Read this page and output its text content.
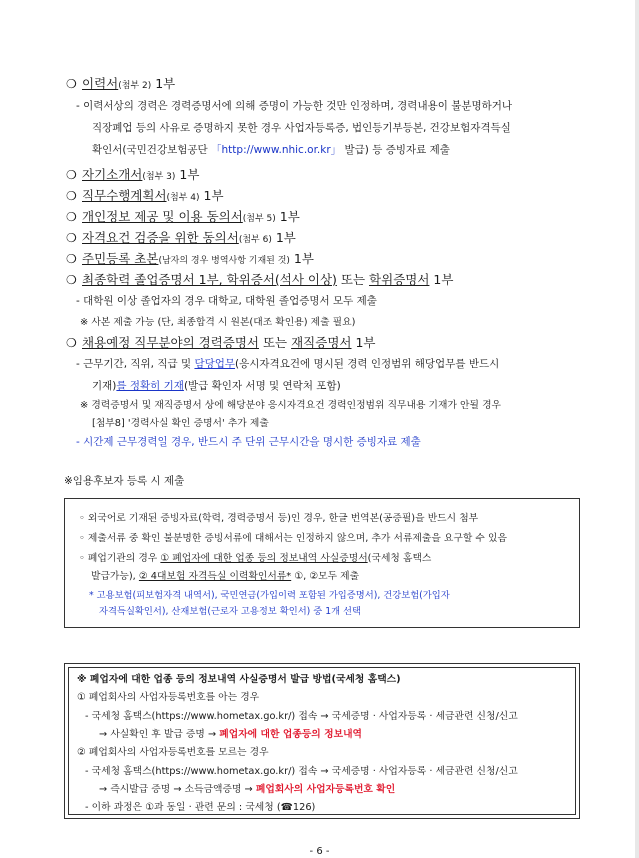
❍ 이력서(첨부 2) 1부
- 이력서상의 경력은 경력증명서에 의해 증명이 가능한 것만 인정하며, 경력내용이 불분명하거나
직장폐업 등의 사유로 증명하지 못한 경우 사업자등록증, 법인등기부등본, 건강보험자격득실
확인서(국민건강보험공단 「http://www.nhic.or.kr」 발급) 등 증빙자료 제출
❍ 자기소개서(첨부 3) 1부
❍ 직무수행계획서(첨부 4) 1부
❍ 개인정보 제공 및 이용 동의서(첨부 5) 1부
❍ 자격요건 검증을 위한 동의서(첨부 6) 1부
❍ 주민등록 초본(남자의 경우 병역사항 기재된 것) 1부
❍ 최종학력 졸업증명서 1부, 학위증서(석사 이상) 또는 학위증명서 1부
- 대학원 이상 졸업자의 경우 대학교, 대학원 졸업증명서 모두 제출
※ 사본 제출 가능 (단, 최종합격 시 원본(대조 확인용) 제출 필요)
❍ 채용예정 직무분야의 경력증명서 또는 재직증명서 1부
- 근무기간, 직위, 직급 및 담당업무(응시자격요건에 명시된 경력 인정범위 해당업무를 반드시
기재)를 정확히 기재(발급 확인자 서명 및 연락처 포함)
※ 경력증명서 및 재직증명서 상에 해당분야 응시자격요건 경력인정범위 직무내용 기재가 안될 경우
[첨부8] '경력사실 확인 증명서' 추가 제출
- 시간제 근무경력일 경우, 반드시 주 단위 근무시간을 명시한 증빙자료 제출
※임용후보자 등록 시 제출
◦ 외국어로 기재된 증빙자료(학력, 경력증명서 등)인 경우, 한글 번역본(공증필)을 반드시 첨부
◦ 제출서류 중 확인 불분명한 증빙서류에 대해서는 인정하지 않으며, 추가 서류제출을 요구할 수 있음
◦ 폐업기관의 경우 ① 폐업자에 대한 업종 등의 정보내역 사실증명서(국세청 홈택스
발급가능), ② 4대보험 자격득실 이력확인서류* ①, ②모두 제출
* 고용보험(피보험자격 내역서), 국민연금(가입이력 포함된 가입증명서), 건강보험(가입자
자격득실확인서), 산재보험(근로자 고용정보 확인서) 중 1개 선택
※ 폐업자에 대한 업종 등의 정보내역 사실증명서 발급 방법(국세청 홈택스)
① 폐업회사의 사업자등록번호를 아는 경우
- 국세청 홈택스(https://www.hometax.go.kr/) 접속 → 국세증명 · 사업자등록 · 세금관련 신청/신고
→ 사실확인 후 발급 증명 → 폐업자에 대한 업종등의 정보내역
② 폐업회사의 사업자등록번호를 모르는 경우
- 국세청 홈택스(https://www.hometax.go.kr/) 접속 → 국세증명 · 사업자등록 · 세금관련 신청/신고
→ 즉시발급 증명 → 소득금액증명 → 폐업회사의 사업자등록번호 확인
- 이하 과정은 ①과 동일 · 관련 문의 : 국세청 (☎126)
- 6 -
